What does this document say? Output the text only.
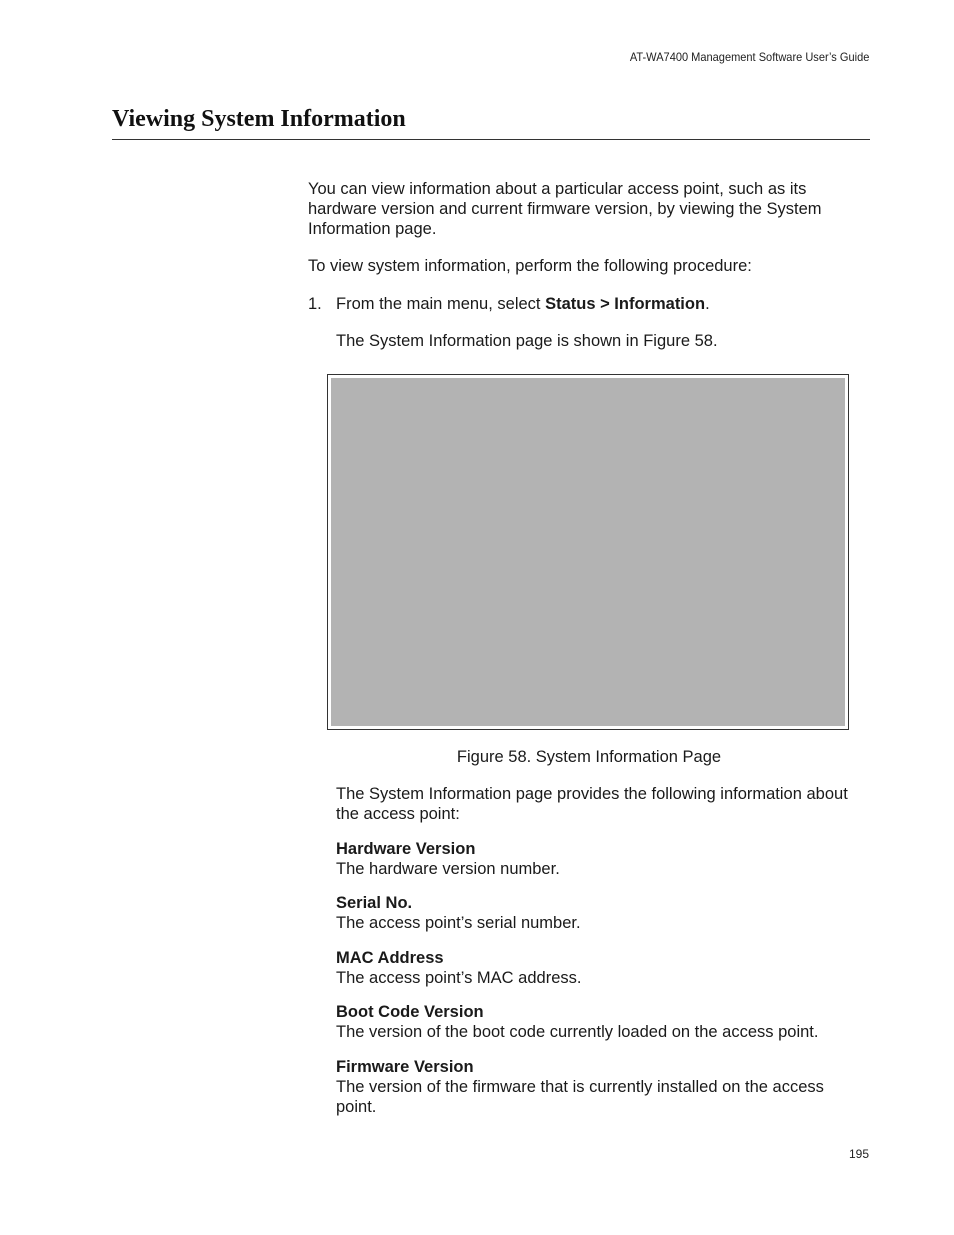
AT-WA7400 Management Software User’s Guide
Viewing System Information
You can view information about a particular access point, such as its
hardware version and current firmware version, by viewing the System
Information page.

To view system information, perform the following procedure:

1. From the main menu, select Status > Information.

The System Information page is shown in Figure 58.

Figure 58. System Information Page
The System Information page provides the following information about
the access point:
Hardware Version
The hardware version number.
Serial No.
The access point’s serial number.
MAC Address
The access point’s MAC address.
Boot Code Version
The version of the boot code currently loaded on the access point.
Firmware Version
The version of the firmware that is currently installed on the access
point.
195
